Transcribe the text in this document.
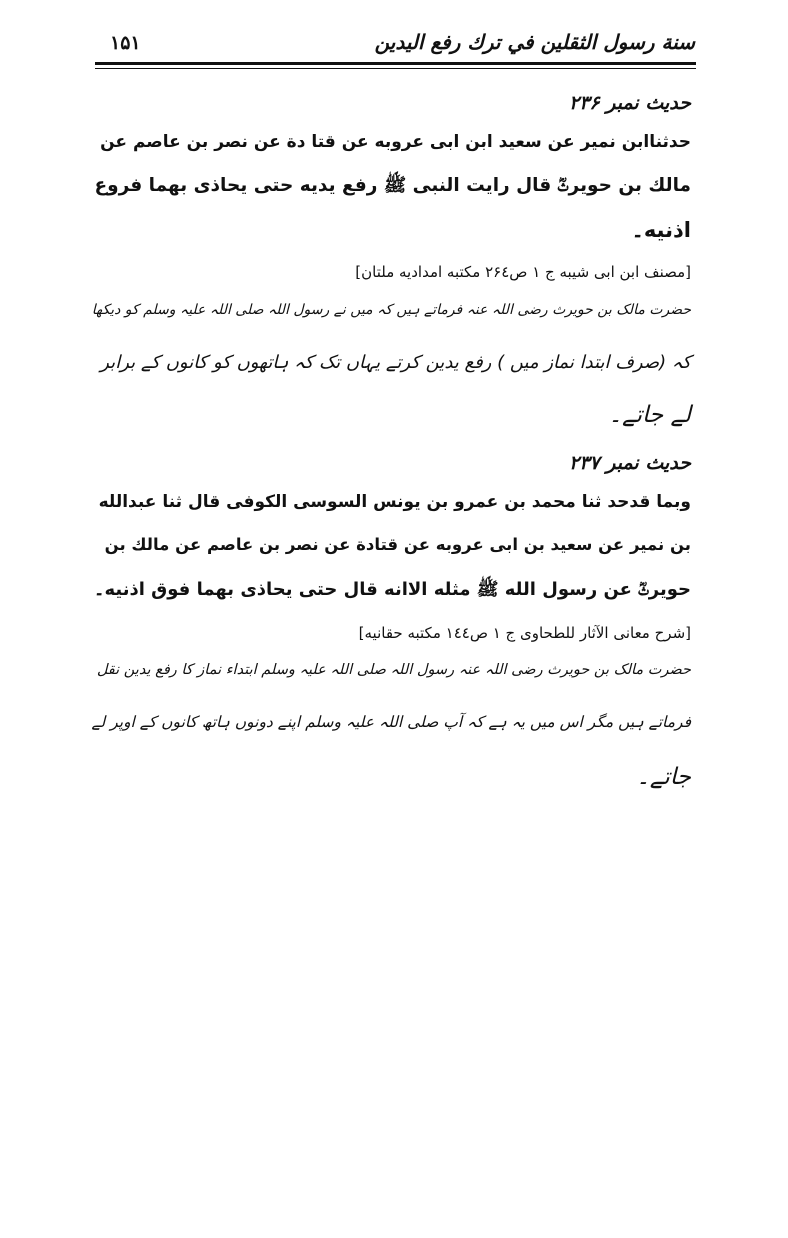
۱۵۱	سنة رسول الثقلين في ترك رفع اليدين
حدیث نمبر ۲۳۶
حدثناابن نمیر عن سعید ابن ابی عروبه عن قتا دة عن نصر بن عاصم عن
مالك بن حویرثؓ قال رایت النبی ﷺ رفع یدیه حتی یحاذی بهما فروع
اذنیه۔
[مصنف ابن ابی شیبه ج ۱ ص۲۶٤ مکتبه امدادیه ملتان]
حضرت مالک بن حویرث رضی اللہ عنہ فرماتے ہیں کہ میں نے رسول اللہ صلی اللہ علیہ وسلم کو دیکھا
کہ (صرف ابتدا نماز میں ) رفع یدین کرتے یہاں تک کہ ہاتھوں کو کانوں کے برابر
لے جاتے۔
حدیث نمبر ۲۳۷
وبما قدحد ثنا محمد بن عمرو بن یونس السوسی الکوفی قال ثنا عبدالله
بن نمیر عن سعید بن ابی عروبه عن قتادة عن نصر بن عاصم عن مالك بن
حویرثؓ عن رسول الله ﷺ مثله الاانه قال حتی یحاذی بهما فوق اذنیه۔
[شرح معانی الآثار للطحاوی ج ۱ ص۱٤٤ مکتبه حقانیه]
حضرت مالک بن حویرث رضی اللہ عنہ رسول اللہ صلی اللہ علیہ وسلم ابتداء نماز کا رفع یدین نقل
فرماتے ہیں مگر اس میں یہ ہے کہ آپ صلی اللہ علیہ وسلم اپنے دونوں ہاتھ کانوں کے اوپر لے
جاتے۔
